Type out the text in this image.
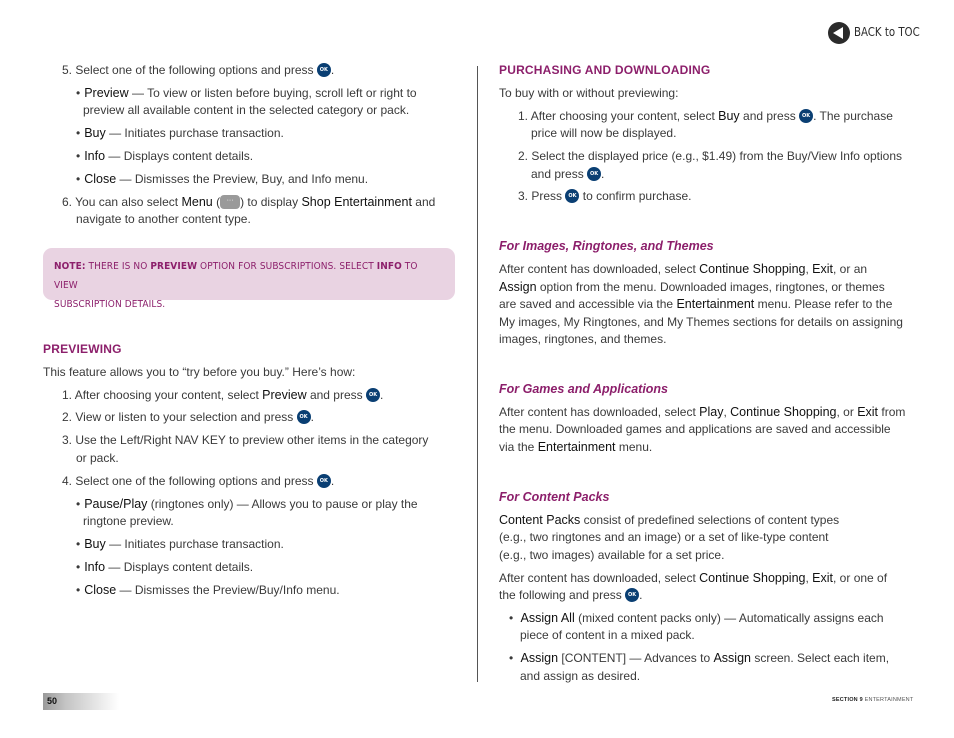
BACK to TOC
5. Select one of the following options and press OK .
• Preview — To view or listen before buying, scroll left or right to
preview all available content in the selected category or pack.
• Buy — Initiates purchase transaction.
• Info — Displays content details.
• Close — Dismisses the Preview, Buy, and Info menu.
6. You can also select Menu ( ··· ) to display Shop Entertainment and
navigate to another content type.
NOTE: THERE IS NO PREVIEW OPTION FOR SUBSCRIPTIONS. SELECT INFO TO VIEW
SUBSCRIPTION DETAILS.
PREVIEWING
This feature allows you to “try before you buy.” Here’s how:
1. After choosing your content, select Preview and press OK .
2. View or listen to your selection and press OK .
3. Use the Left/Right NAV KEY to preview other items in the category
or pack.
4. Select one of the following options and press OK .
• Pause/Play (ringtones only) — Allows you to pause or play the
ringtone preview.
• Buy — Initiates purchase transaction.
• Info — Displays content details.
• Close — Dismisses the Preview/Buy/Info menu.
PURCHASING AND DOWNLOADING
To buy with or without previewing:
1. After choosing your content, select Buy and press OK . The purchase
price will now be displayed.
2. Select the displayed price (e.g., $1.49) from the Buy/View Info options
and press OK .
3. Press OK to confirm purchase.
For Images, Ringtones, and Themes
After content has downloaded, select Continue Shopping, Exit, or an
Assign option from the menu. Downloaded images, ringtones, or themes
are saved and accessible via the Entertainment menu. Please refer to the
My images, My Ringtones, and My Themes sections for details on assigning
images, ringtones, and themes.
For Games and Applications
After content has downloaded, select Play, Continue Shopping, or Exit from
the menu. Downloaded games and applications are saved and accessible
via the Entertainment menu.
For Content Packs
Content Packs consist of predefined selections of content types
(e.g., two ringtones and an image) or a set of like-type content
(e.g., two images) available for a set price.
After content has downloaded, select Continue Shopping, Exit, or one of
the following and press OK .
• Assign All (mixed content packs only) — Automatically assigns each
piece of content in a mixed pack.
• Assign [CONTENT] — Advances to Assign screen. Select each item,
and assign as desired.
50	SECTION 9 ENTERTAINMENT
